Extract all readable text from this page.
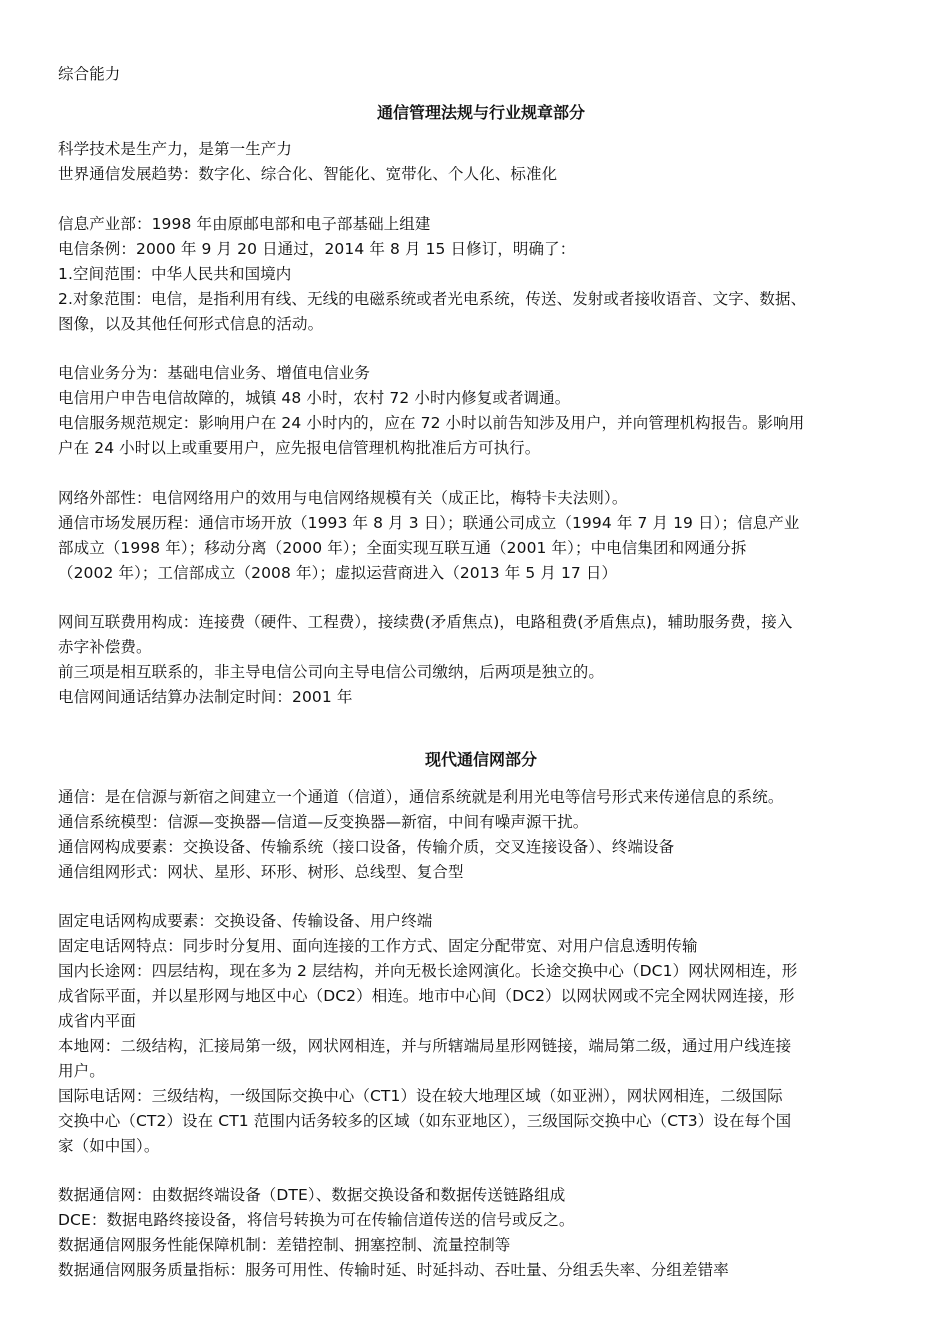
综合能力
通信管理法规与行业规章部分
科学技术是生产力，是第一生产力
世界通信发展趋势：数字化、综合化、智能化、宽带化、个人化、标准化
信息产业部：1998 年由原邮电部和电子部基础上组建
电信条例：2000 年 9 月 20 日通过，2014 年 8 月 15 日修订，明确了：
1.空间范围：中华人民共和国境内
2.对象范围：电信，是指利用有线、无线的电磁系统或者光电系统，传送、发射或者接收语音、文字、数据、
图像，以及其他任何形式信息的活动。
电信业务分为：基础电信业务、增值电信业务
电信用户申告电信故障的，城镇 48 小时，农村 72 小时内修复或者调通。
电信服务规范规定：影响用户在 24 小时内的，应在 72 小时以前告知涉及用户，并向管理机构报告。影响用
户在 24 小时以上或重要用户，应先报电信管理机构批准后方可执行。
网络外部性：电信网络用户的效用与电信网络规模有关（成正比，梅特卡夫法则）。
通信市场发展历程：通信市场开放（1993 年 8 月 3 日）；联通公司成立（1994 年 7 月 19 日）；信息产业
部成立（1998 年）；移动分离（2000 年）；全面实现互联互通（2001 年）；中电信集团和网通分拆
（2002 年）；工信部成立（2008 年）；虚拟运营商进入（2013 年 5 月 17 日）
网间互联费用构成：连接费（硬件、工程费），接续费(矛盾焦点)，电路租费(矛盾焦点)，辅助服务费，接入
赤字补偿费。
前三项是相互联系的，非主导电信公司向主导电信公司缴纳，后两项是独立的。
电信网间通话结算办法制定时间：2001 年
现代通信网部分
通信：是在信源与新宿之间建立一个通道（信道），通信系统就是利用光电等信号形式来传递信息的系统。
通信系统模型：信源—变换器—信道—反变换器—新宿，中间有噪声源干扰。
通信网构成要素：交换设备、传输系统（接口设备，传输介质，交叉连接设备）、终端设备
通信组网形式：网状、星形、环形、树形、总线型、复合型
固定电话网构成要素：交换设备、传输设备、用户终端
固定电话网特点：同步时分复用、面向连接的工作方式、固定分配带宽、对用户信息透明传输
国内长途网：四层结构，现在多为 2 层结构，并向无极长途网演化。长途交换中心（DC1）网状网相连，形
成省际平面，并以星形网与地区中心（DC2）相连。地市中心间（DC2）以网状网或不完全网状网连接，形
成省内平面
本地网：二级结构，汇接局第一级，网状网相连，并与所辖端局星形网链接，端局第二级，通过用户线连接
用户。
国际电话网：三级结构，一级国际交换中心（CT1）设在较大地理区域（如亚洲），网状网相连，二级国际
交换中心（CT2）设在 CT1 范围内话务较多的区域（如东亚地区），三级国际交换中心（CT3）设在每个国
家（如中国）。
数据通信网：由数据终端设备（DTE）、数据交换设备和数据传送链路组成
DCE：数据电路终接设备，将信号转换为可在传输信道传送的信号或反之。
数据通信网服务性能保障机制：差错控制、拥塞控制、流量控制等
数据通信网服务质量指标：服务可用性、传输时延、时延抖动、吞吐量、分组丢失率、分组差错率
